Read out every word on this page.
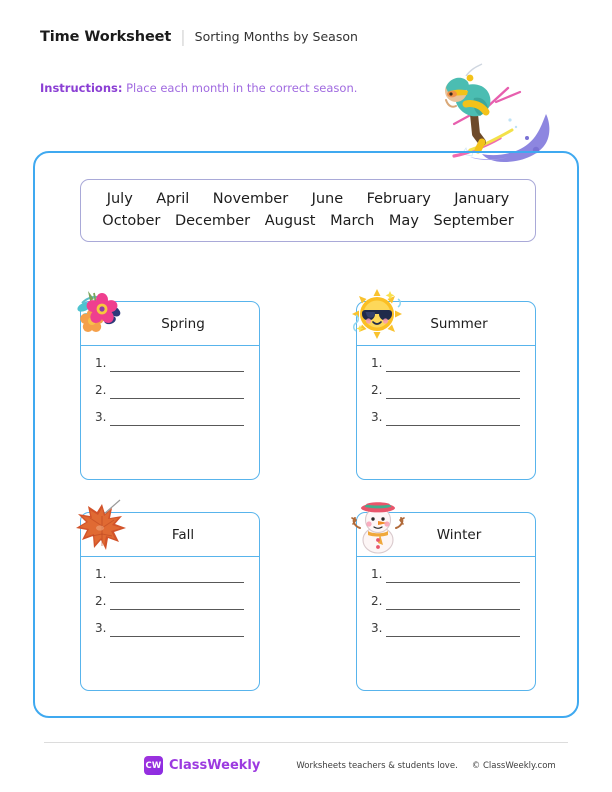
Time Worksheet | Sorting Months by Season
Instructions: Place each month in the correct season.
July April November June February January
October December August March May September
Spring
1.
2.
3.
Summer
1.
2.
3.
Fall
1.
2.
3.
Winter
1.
2.
3.
CW ClassWeekly	Worksheets teachers & students love. © ClassWeekly.com
